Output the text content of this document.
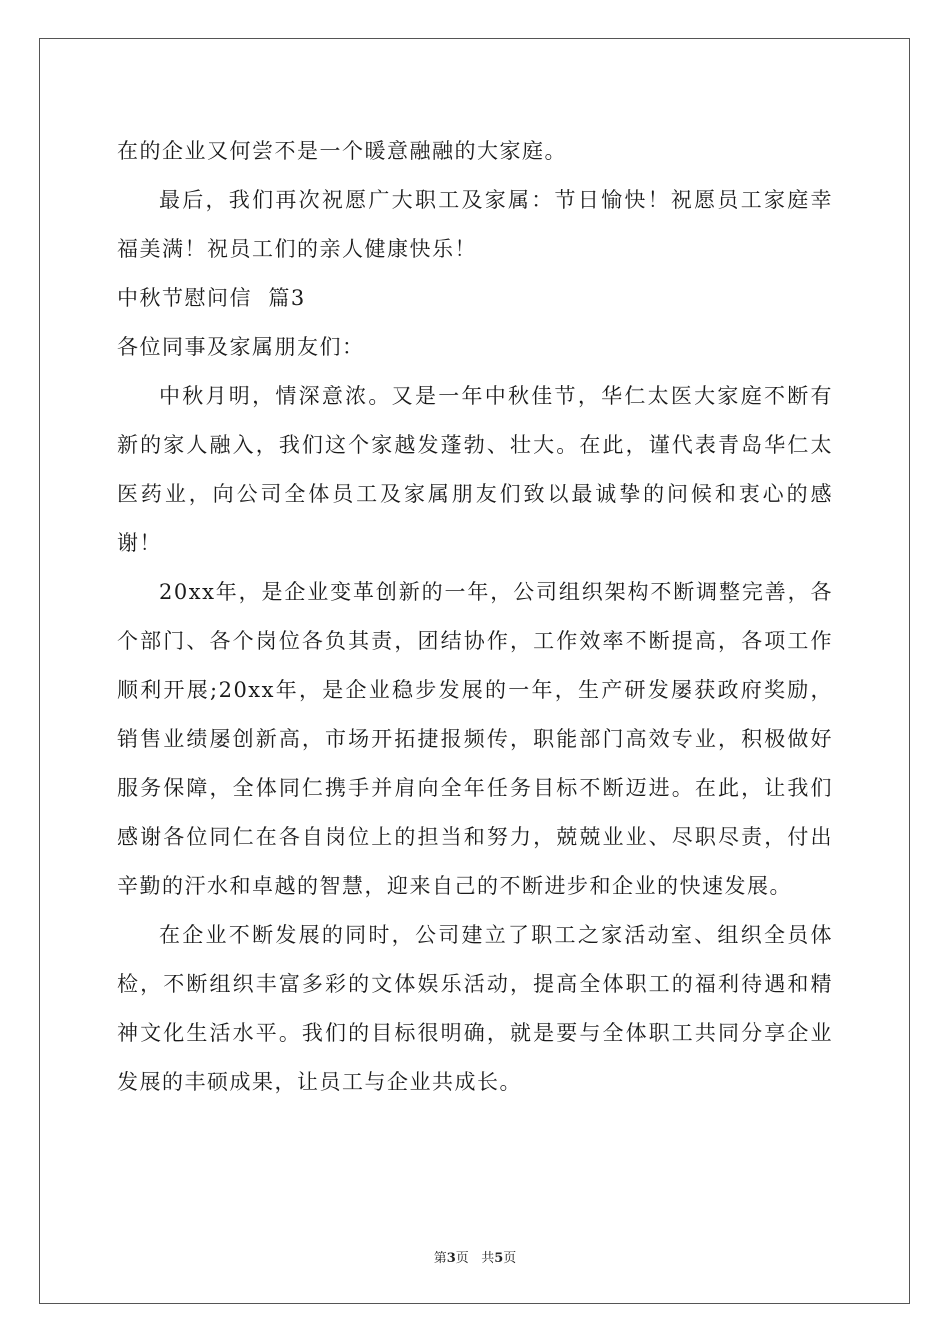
在的企业又何尝不是一个暖意融融的大家庭。

最后，我们再次祝愿广大职工及家属：节日愉快！祝愿员工家庭幸福美满！祝员工们的亲人健康快乐！

中秋节慰问信  篇3

各位同事及家属朋友们：

中秋月明，情深意浓。又是一年中秋佳节，华仁太医大家庭不断有新的家人融入，我们这个家越发蓬勃、壮大。在此，谨代表青岛华仁太医药业，向公司全体员工及家属朋友们致以最诚挚的问候和衷心的感谢！

20xx年，是企业变革创新的一年，公司组织架构不断调整完善，各个部门、各个岗位各负其责，团结协作，工作效率不断提高，各项工作顺利开展;20xx年，是企业稳步发展的一年，生产研发屡获政府奖励，销售业绩屡创新高，市场开拓捷报频传，职能部门高效专业，积极做好服务保障，全体同仁携手并肩向全年任务目标不断迈进。在此，让我们感谢各位同仁在各自岗位上的担当和努力，兢兢业业、尽职尽责，付出辛勤的汗水和卓越的智慧，迎来自己的不断进步和企业的快速发展。

在企业不断发展的同时，公司建立了职工之家活动室、组织全员体检，不断组织丰富多彩的文体娱乐活动，提高全体职工的福利待遇和精神文化生活水平。我们的目标很明确，就是要与全体职工共同分享企业发展的丰硕成果，让员工与企业共成长。

第3页 共5页
